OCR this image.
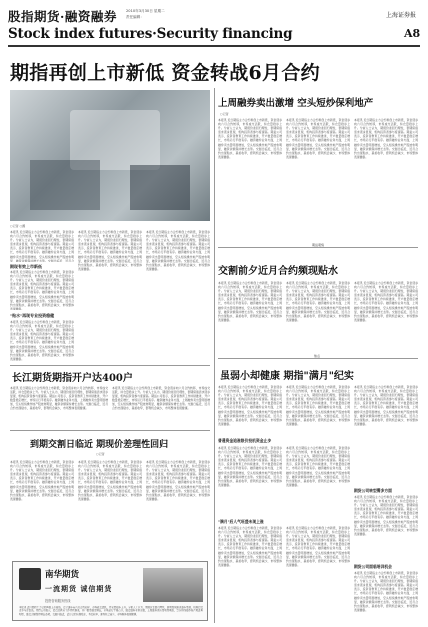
股指期货·融资融券	2010年3月30日 星期二
责任编辑：	上海证券报
Stock index futures·Security financing	A8
期指再创上市新低 资金转战6月合约
○记者 ○摄
上周融券卖出激增 空头短炒保利地产
○记者
本报讯 近日期指主力合约再创上市新低，资金逐步向六月合约转移，市场成交活跃，持仓量稳步上升。分析人士认为，期现价差回归理性，套期保值需求逐步显现，机构投资者参与度提高。期货公司表示，投资者教育工作持续推进，开户数量稳定增长，市场运行平稳有序。融资融券业务方面，上周融券卖出量明显增加，空头短线操作地产股迹象明显，融资余额保持增长态势。交割日临近，近月合约出现贴水，基差收窄，套利机会减少，市场整体表现健康。
本报讯 近日期指主力合约再创上市新低，资金逐步向六月合约转移，市场成交活跃，持仓量稳步上升。分析人士认为，期现价差回归理性，套期保值需求逐步显现，机构投资者参与度提高。期货公司表示，投资者教育工作持续推进，开户数量稳定增长，市场运行平稳有序。融资融券业务方面，上周融券卖出量明显增加，空头短线操作地产股迹象明显，融资余额保持增长态势。交割日临近，近月合约出现贴水，基差收窄，套利机会减少，市场整体表现健康。
本报讯 近日期指主力合约再创上市新低，资金逐步向六月合约转移，市场成交活跃，持仓量稳步上升。分析人士认为，期现价差回归理性，套期保值需求逐步显现，机构投资者参与度提高。期货公司表示，投资者教育工作持续推进，开户数量稳定增长，市场运行平稳有序。融资融券业务方面，上周融券卖出量明显增加，空头短线操作地产股迹象明显，融资余额保持增长态势。交割日临近，近月合约出现贴水，基差收窄，套利机会减少，市场整体表现健康。
期货观察
交割前夕近月合约频现贴水
本报讯 近日期指主力合约再创上市新低，资金逐步向六月合约转移，市场成交活跃，持仓量稳步上升。分析人士认为，期现价差回归理性，套期保值需求逐步显现，机构投资者参与度提高。期货公司表示，投资者教育工作持续推进，开户数量稳定增长，市场运行平稳有序。融资融券业务方面，上周融券卖出量明显增加，空头短线操作地产股迹象明显，融资余额保持增长态势。交割日临近，近月合约出现贴水，基差收窄，套利机会减少，市场整体表现健康。
本报讯 近日期指主力合约再创上市新低，资金逐步向六月合约转移，市场成交活跃，持仓量稳步上升。分析人士认为，期现价差回归理性，套期保值需求逐步显现，机构投资者参与度提高。期货公司表示，投资者教育工作持续推进，开户数量稳定增长，市场运行平稳有序。融资融券业务方面，上周融券卖出量明显增加，空头短线操作地产股迹象明显，融资余额保持增长态势。交割日临近，近月合约出现贴水，基差收窄，套利机会减少，市场整体表现健康。
本报讯 近日期指主力合约再创上市新低，资金逐步向六月合约转移，市场成交活跃，持仓量稳步上升。分析人士认为，期现价差回归理性，套期保值需求逐步显现，机构投资者参与度提高。期货公司表示，投资者教育工作持续推进，开户数量稳定增长，市场运行平稳有序。融资融券业务方面，上周融券卖出量明显增加，空头短线操作地产股迹象明显，融资余额保持增长态势。交割日临近，近月合约出现贴水，基差收窄，套利机会减少，市场整体表现健康。
本报讯 近日期指主力合约再创上市新低，资金逐步向六月合约转移，市场成交活跃，持仓量稳步上升。分析人士认为，期现价差回归理性，套期保值需求逐步显现，机构投资者参与度提高。期货公司表示，投资者教育工作持续推进，开户数量稳定增长，市场运行平稳有序。融资融券业务方面，上周融券卖出量明显增加，空头短线操作地产股迹象明显，融资余额保持增长态势。交割日临近，近月合
期现有效上市新低
本报讯 近日期指主力合约再创上市新低，资金逐步向六月合约转移，市场成交活跃，持仓量稳步上升。分析人士认为，期现价差回归理性，套期保值需求逐步显现，机构投资者参与度提高。期货公司表示，投资者教育工作持续推进，开户数量稳定增长，市场运行平稳有序。融资融券业务方面，上周融券卖出量明显增加，空头短线操作地产股迹象明显，融资余额保持增长态势。交割日临近，近月合约出现贴水，基差收窄，套利机会减少，市场整体表现健康。
"贴水"再现专业投资稳健
本报讯 近日期指主力合约再创上市新低，资金逐步向六月合约转移，市场成交活跃，持仓量稳步上升。分析人士认为，期现价差回归理性，套期保值需求逐步显现，机构投资者参与度提高。期货公司表示，投资者教育工作持续推进，开户数量稳定增长，市场运行平稳有序。融资融券业务方面，上周融券卖出量明显增加，空头短线操作地产股迹象明显，融资余额保持增长态势。交割日临近，近月合约出现贴水，基差收窄，套利机会减少，市场整体表现健康。
本报讯 近日期指主力合约再创上市新低，资金逐步向六月合约转移，市场成交活跃，持仓量稳步上升。分析人士认为，期现价差回归理性，套期保值需求逐步显现，机构投资者参与度提高。期货公司表示，投资者教育工作持续推进，开户数量稳定增长，市场运行平稳有序。融资融券业务方面，上周融券卖出量明显增加，空头短线操作地产股迹象明显，融资余额保持增长态势。交割日临近，近月合约出现贴水，基差收窄，套利机会减少，市场整体表现健康。
本报讯 近日期指主力合约再创上市新低，资金逐步向六月合约转移，市场成交活跃，持仓量稳步上升。分析人士认为，期现价差回归理性，套期保值需求逐步显现，机构投资者参与度提高。期货公司表示，投资者教育工作持续推进，开户数量稳定增长，市场运行平稳有序。融资融券业务方面，上周融券卖出量明显增加，空头短线操作地产股迹象明显，融资余额保持增长态势。交割日临近，近月合约出现贴水，基差收窄，套利机会减少，市场整体表现健康。
长江期货期指开户达400户
本报讯 近日期指主力合约再创上市新低，资金逐步向六月合约转移，市场成交活跃，持仓量稳步上升。分析人士认为，期现价差回归理性，套期保值需求逐步显现，机构投资者参与度提高。期货公司表示，投资者教育工作持续推进，开户数量稳定增长，市场运行平稳有序。融资融券业务方面，上周融券卖出量明显增加，空头短线操作地产股迹象明显，融资余额保持增长态势。交割日临近，近月合约出现贴水，基差收窄，套利机会减少，市场整体表现健康。
本报讯 近日期指主力合约再创上市新低，资金逐步向六月合约转移，市场成交活跃，持仓量稳步上升。分析人士认为，期现价差回归理性，套期保值需求逐步显现，机构投资者参与度提高。期货公司表示，投资者教育工作持续推进，开户数量稳定增长，市场运行平稳有序。融资融券业务方面，上周融券卖出量明显增加，空头短线操作地产股迹象明显，融资余额保持增长态势。交割日临近，近月合约出现贴水，基差收窄，套利机会减少，市场整体表现健康。
到期交割日临近 期现价差理性回归
○记者
本报讯 近日期指主力合约再创上市新低，资金逐步向六月合约转移，市场成交活跃，持仓量稳步上升。分析人士认为，期现价差回归理性，套期保值需求逐步显现，机构投资者参与度提高。期货公司表示，投资者教育工作持续推进，开户数量稳定增长，市场运行平稳有序。融资融券业务方面，上周融券卖出量明显增加，空头短线操作地产股迹象明显，融资余额保持增长态势。交割日临近，近月合约出现贴水，基差收窄，套利机会减少，市场整体表现健康。
本报讯 近日期指主力合约再创上市新低，资金逐步向六月合约转移，市场成交活跃，持仓量稳步上升。分析人士认为，期现价差回归理性，套期保值需求逐步显现，机构投资者参与度提高。期货公司表示，投资者教育工作持续推进，开户数量稳定增长，市场运行平稳有序。融资融券业务方面，上周融券卖出量明显增加，空头短线操作地产股迹象明显，融资余额保持增长态势。交割日临近，近月合约出现贴水，基差收窄，套利机会减少，市场整体表现健康。
本报讯 近日期指主力合约再创上市新低，资金逐步向六月合约转移，市场成交活跃，持仓量稳步上升。分析人士认为，期现价差回归理性，套期保值需求逐步显现，机构投资者参与度提高。期货公司表示，投资者教育工作持续推进，开户数量稳定增长，市场运行平稳有序。融资融券业务方面，上周融券卖出量明显增加，空头短线操作地产股迹象明显，融资余额保持增长态势。交割日临近，近月合约出现贴水，基差收窄，套利机会减少，市场整体表现健康。
南华期货
一流期货 诚信期货
投资咨询服务热线
本报讯 近日期指主力合约再创上市新低，资金逐步向六月合约转移，市场成交活跃，持仓量稳步上升。分析人士认为，期现价差回归理性，套期保值需求逐步显现，机构投资者参与度提高。期货公司表示，投资者教育工作持续推进，开户数量稳定增长，市场运行平稳有序。融资融券业务方面，上周融券卖出量明显增加，空头短线操作地产股迹象明显，融资余额保持增长态势。交割日临近，近月合约出现贴水，基差收窄，套利机会减少，市场整体表现健康。
焦点
虽弱小却健康 期指"满月"纪实
本报讯 近日期指主力合约再创上市新低，资金逐步向六月合约转移，市场成交活跃，持仓量稳步上升。分析人士认为，期现价差回归理性，套期保值需求逐步显现，机构投资者参与度提高。期货公司表示，投资者教育工作持续推进，开户数量稳定增长，市场运行平稳有序。融资融券业务方面，上周融券卖出量明显增加，空头短线操作地产股迹象明显，融资余额保持增长态势。交割日临近，近月合约出现贴水，基差收窄，套利机会减少，市场整体表现健康。
本报讯 近日期指主力合约再创上市新低，资金逐步向六月合约转移，市场成交活跃，持仓量稳步上升。分析人士认为，期现价差回归理性，套期保值需求逐步显现，机构投资者参与度提高。期货公司表示，投资者教育工作持续推进，开户数量稳定增长，市场运行平稳有序。融资融券业务方面，上周融券卖出量明显增加，空头短线操作地产股迹象明显，融资余额保持增长态势。交割日临近，近月合约出现贴水，基差收窄，套利机会减少，市场整体表现健康。
普通资金追涨限价投机资金止步
本报讯 近日期指主力合约再创上市新低，资金逐步向六月合约转移，市场成交活跃，持仓量稳步上升。分析人士认为，期现价差回归理性，套期保值需求逐步显现，机构投资者参与度提高。期货公司表示，投资者教育工作持续推进，开户数量稳定增长，市场运行平稳有序。融资融券业务方面，上周融券卖出量明显增加，空头短线操作地产股迹象明显，融资余额保持增长态势。交割日临近，近月合约出现贴水，基差收窄，套利机会减少，市场整体表现健康。
本报讯 近日期指主力合约再创上市新低，资金逐步向六月合约转移，市场成交活跃，持仓量稳步上升。分析人士认为，期现价差回归理性，套期保值需求逐步显现，机构投资者参与度提高。期货公司表示，投资者教育工作持续推进，开户数量稳定增长，市场运行平稳有序。融资融券业务方面，上周融券卖出量明显增加，空头短线操作地产股迹象明显，融资余额保持增长态势。交割日临近，近月合约出现贴水，基差收窄，套利机会减少，市场整体表现健康。
"满月"后人气旺盛未现上涨
本报讯 近日期指主力合约再创上市新低，资金逐步向六月合约转移，市场成交活跃，持仓量稳步上升。分析人士认为，期现价差回归理性，套期保值需求逐步显现，机构投资者参与度提高。期货公司表示，投资者教育工作持续推进，开户数量稳定增长，市场运行平稳有序。融资融券业务方面，上周融券卖出量明显增加，空头短线操作地产股迹象明显，融资余额保持增长态势。交割日临近，近月合约出现贴水，基差收窄，套利机会减少，市场整体表现健康。
本报讯 近日期指主力合约再创上市新低，资金逐步向六月合约转移，市场成交活跃，持仓量稳步上升。分析人士认为，期现价差回归理性，套期保值需求逐步显现，机构投资者参与度提高。期货公司表示，投资者教育工作持续推进，开户数量稳定增长，市场运行平稳有序。融资融券业务方面，上周融券卖出量明显增加，空头短线操作地产股迹象明显，融资余额保持增长态势。交割日临近，近月合约出现贴水，基差收窄，套利机会减少，市场整体表现健康。
本报讯 近日期指主力合约再创上市新低，资金逐步向六月合约转移，市场成交活跃，持仓量稳步上升。分析人士认为，期现价差回归理性，套期保值需求逐步显现，机构投资者参与度提高。期货公司表示，投资者教育工作持续推进，开户数量稳定增长，市场运行平稳有序。融资融券业务方面，上周融券卖出量明显增加，空头短线操作地产股迹象明显，融资余额保持增长态势。交割日临近，近月合约出现贴水，基差收窄，套利机会减少，市场整体表现健康。
期货公司转型需多方面
本报讯 近日期指主力合约再创上市新低，资金逐步向六月合约转移，市场成交活跃，持仓量稳步上升。分析人士认为，期现价差回归理性，套期保值需求逐步显现，机构投资者参与度提高。期货公司表示，投资者教育工作持续推进，开户数量稳定增长，市场运行平稳有序。融资融券业务方面，上周融券卖出量明显增加，空头短线操作地产股迹象明显，融资余额保持增长态势。交割日临近，近月合约出现贴水，基差收窄，套利机会减少，市场整体表现健康。
期货公司面临培训机会
本报讯 近日期指主力合约再创上市新低，资金逐步向六月合约转移，市场成交活跃，持仓量稳步上升。分析人士认为，期现价差回归理性，套期保值需求逐步显现，机构投资者参与度提高。期货公司表示，投资者教育工作持续推进，开户数量稳定增长，市场运行平稳有序。融资融券业务方面，上周融券卖出量明显增加，空头短线操作地产股迹象明显，融资余额保持增长态势。交割日临近，近月合约出现贴水，基差收窄，套利机会减少，市场整体表现健康。
